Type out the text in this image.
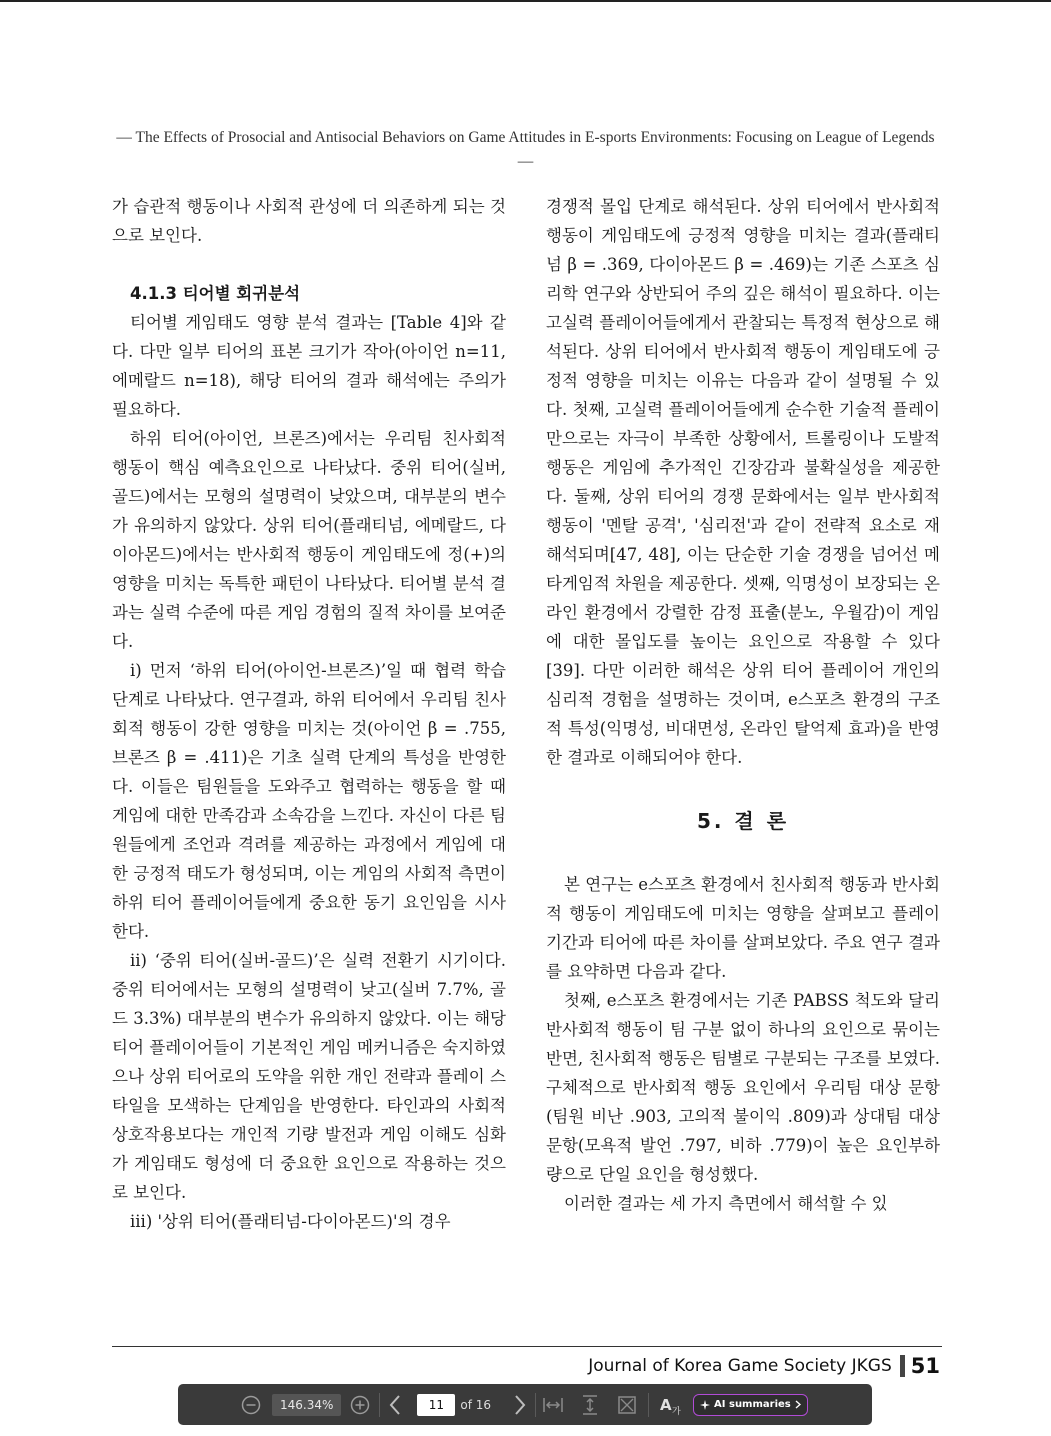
— The Effects of Prosocial and Antisocial Behaviors on Game Attitudes in E-sports Environments: Focusing on League of Legends —

가 습관적 행동이나 사회적 관성에 더 의존하게 되는 것으로 보인다.

4.1.3 티어별 회귀분석

티어별 게임태도 영향 분석 결과는 [Table 4]와 같다. 다만 일부 티어의 표본 크기가 작아(아이언 n=11, 에메랄드 n=18), 해당 티어의 결과 해석에는 주의가 필요하다.

하위 티어(아이언, 브론즈)에서는 우리팀 친사회적 행동이 핵심 예측요인으로 나타났다. 중위 티어(실버, 골드)에서는 모형의 설명력이 낮았으며, 대부분의 변수가 유의하지 않았다. 상위 티어(플래티넘, 에메랄드, 다이아몬드)에서는 반사회적 행동이 게임태도에 정(+)의 영향을 미치는 독특한 패턴이 나타났다. 티어별 분석 결과는 실력 수준에 따른 게임 경험의 질적 차이를 보여준다.

i) 먼저 ‘하위 티어(아이언-브론즈)’일 때 협력 학습 단계로 나타났다. 연구결과, 하위 티어에서 우리팀 친사회적 행동이 강한 영향을 미치는 것(아이언 β = .755, 브론즈 β = .411)은 기초 실력 단계의 특성을 반영한다. 이들은 팀원들을 도와주고 협력하는 행동을 할 때 게임에 대한 만족감과 소속감을 느낀다. 자신이 다른 팀원들에게 조언과 격려를 제공하는 과정에서 게임에 대한 긍정적 태도가 형성되며, 이는 게임의 사회적 측면이 하위 티어 플레이어들에게 중요한 동기 요인임을 시사한다.

ii) ‘중위 티어(실버-골드)’은 실력 전환기 시기이다. 중위 티어에서는 모형의 설명력이 낮고(실버 7.7%, 골드 3.3%) 대부분의 변수가 유의하지 않았다. 이는 해당 티어 플레이어들이 기본적인 게임 메커니즘은 숙지하였으나 상위 티어로의 도약을 위한 개인 전략과 플레이 스타일을 모색하는 단계임을 반영한다. 타인과의 사회적 상호작용보다는 개인적 기량 발전과 게임 이해도 심화가 게임태도 형성에 더 중요한 요인으로 작용하는 것으로 보인다.

iii) '상위 티어(플래티넘-다이아몬드)'의 경우

경쟁적 몰입 단계로 해석된다. 상위 티어에서 반사회적 행동이 게임태도에 긍정적 영향을 미치는 결과(플래티넘 β = .369, 다이아몬드 β = .469)는 기존 스포츠 심리학 연구와 상반되어 주의 깊은 해석이 필요하다. 이는 고실력 플레이어들에게서 관찰되는 특정적 현상으로 해석된다. 상위 티어에서 반사회적 행동이 게임태도에 긍정적 영향을 미치는 이유는 다음과 같이 설명될 수 있다. 첫째, 고실력 플레이어들에게 순수한 기술적 플레이만으로는 자극이 부족한 상황에서, 트롤링이나 도발적 행동은 게임에 추가적인 긴장감과 불확실성을 제공한다. 둘째, 상위 티어의 경쟁 문화에서는 일부 반사회적 행동이 '멘탈 공격', '심리전'과 같이 전략적 요소로 재해석되며[47, 48], 이는 단순한 기술 경쟁을 넘어선 메타게임적 차원을 제공한다. 셋째, 익명성이 보장되는 온라인 환경에서 강렬한 감정 표출(분노, 우월감)이 게임에 대한 몰입도를 높이는 요인으로 작용할 수 있다[39]. 다만 이러한 해석은 상위 티어 플레이어 개인의 심리적 경험을 설명하는 것이며, e스포츠 환경의 구조적 특성(익명성, 비대면성, 온라인 탈억제 효과)을 반영한 결과로 이해되어야 한다.

5. 결 론

본 연구는 e스포츠 환경에서 친사회적 행동과 반사회적 행동이 게임태도에 미치는 영향을 살펴보고 플레이 기간과 티어에 따른 차이를 살펴보았다. 주요 연구 결과를 요약하면 다음과 같다.

첫째, e스포츠 환경에서는 기존 PABSS 척도와 달리 반사회적 행동이 팀 구분 없이 하나의 요인으로 묶이는 반면, 친사회적 행동은 팀별로 구분되는 구조를 보였다. 구체적으로 반사회적 행동 요인에서 우리팀 대상 문항(팀원 비난 .903, 고의적 불이익 .809)과 상대팀 대상 문항(모욕적 발언 .797, 비하 .779)이 높은 요인부하량으로 단일 요인을 형성했다.

이러한 결과는 세 가지 측면에서 해석할 수 있

Journal of Korea Game Society JKGS 51
146.34%
11	of 16	A 가
AI summaries
